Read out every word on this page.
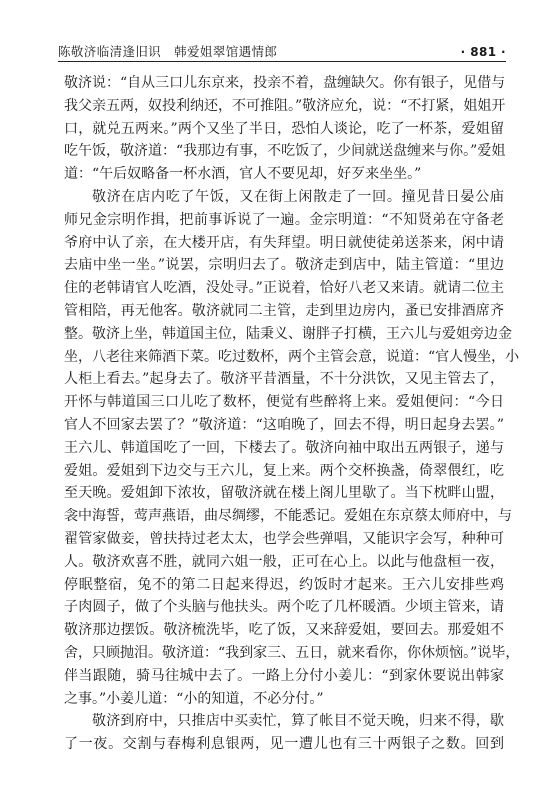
陈敬济临清逢旧识　韩爱姐翠馆遇情郎	· 881 ·
敬济说：“自从三口儿东京来，投亲不着，盘缠缺欠。你有银子，见借与
我父亲五两，奴投利纳还，不可推阻。”敬济应允，说：“不打紧，姐姐开
口，就兑五两来。”两个又坐了半日，恐怕人谈论，吃了一杯茶，爱姐留
吃午饭，敬济道：“我那边有事，不吃饭了，少间就送盘缠来与你。”爱姐
道：“午后奴略备一杯水酒，官人不要见却，好歹来坐坐。”
敬济在店内吃了午饭，又在街上闲散走了一回。撞见昔日晏公庙
师兄金宗明作揖，把前事诉说了一遍。金宗明道：“不知贤弟在守备老
爷府中认了亲，在大楼开店，有失拜望。明日就使徒弟送茶来，闲中请
去庙中坐一坐。”说罢，宗明归去了。敬济走到店中，陆主管道：“里边
住的老韩请官人吃酒，没处寻。”正说着，恰好八老又来请。就请二位主
管相陪，再无他客。敬济就同二主管，走到里边房内，蚤已安排酒席齐
整。敬济上坐，韩道国主位，陆秉义、谢胖子打横，王六儿与爱姐旁边金
坐，八老往来筛酒下菜。吃过数杯，两个主管会意，说道：“官人慢坐，小
人柜上看去。”起身去了。敬济平昔酒量，不十分洪饮，又见主管去了，
开怀与韩道国三口儿吃了数杯，便觉有些醉将上来。爱姐便问：“今日
官人不回家去罢了？”敬济道：“这咱晚了，回去不得，明日起身去罢。”
王六儿、韩道国吃了一回，下楼去了。敬济向袖中取出五两银子，递与
爱姐。爱姐到下边交与王六儿，复上来。两个交杯换盏，倚翠偎红，吃
至天晚。爱姐卸下浓妆，留敬济就在楼上阁儿里歇了。当下枕畔山盟，
衾中海誓，莺声燕语，曲尽绸缪，不能悉记。爱姐在东京蔡太师府中，与
翟管家做妾，曾扶持过老太太，也学会些弹唱，又能识字会写，种种可
人。敬济欢喜不胜，就同六姐一般，正可在心上。以此与他盘桓一夜，
停眠整宿，兔不的第二日起来得迟，约饭时才起来。王六儿安排些鸡
子肉圆子，做了个头脑与他扶头。两个吃了几杯暖酒。少顷主管来，请
敬济那边摆饭。敬济梳洗毕，吃了饭，又来辞爱姐，要回去。那爱姐不
舍，只顾抛泪。敬济道：“我到家三、五日，就来看你，你休烦恼。”说毕，
伴当跟随，骑马往城中去了。一路上分付小姜儿：“到家休要说出韩家
之事。”小姜儿道：“小的知道，不必分付。”
敬济到府中，只推店中买卖忙，算了帐目不觉天晚，归来不得，歇
了一夜。交割与春梅利息银两，见一遭儿也有三十两银子之数。回到
